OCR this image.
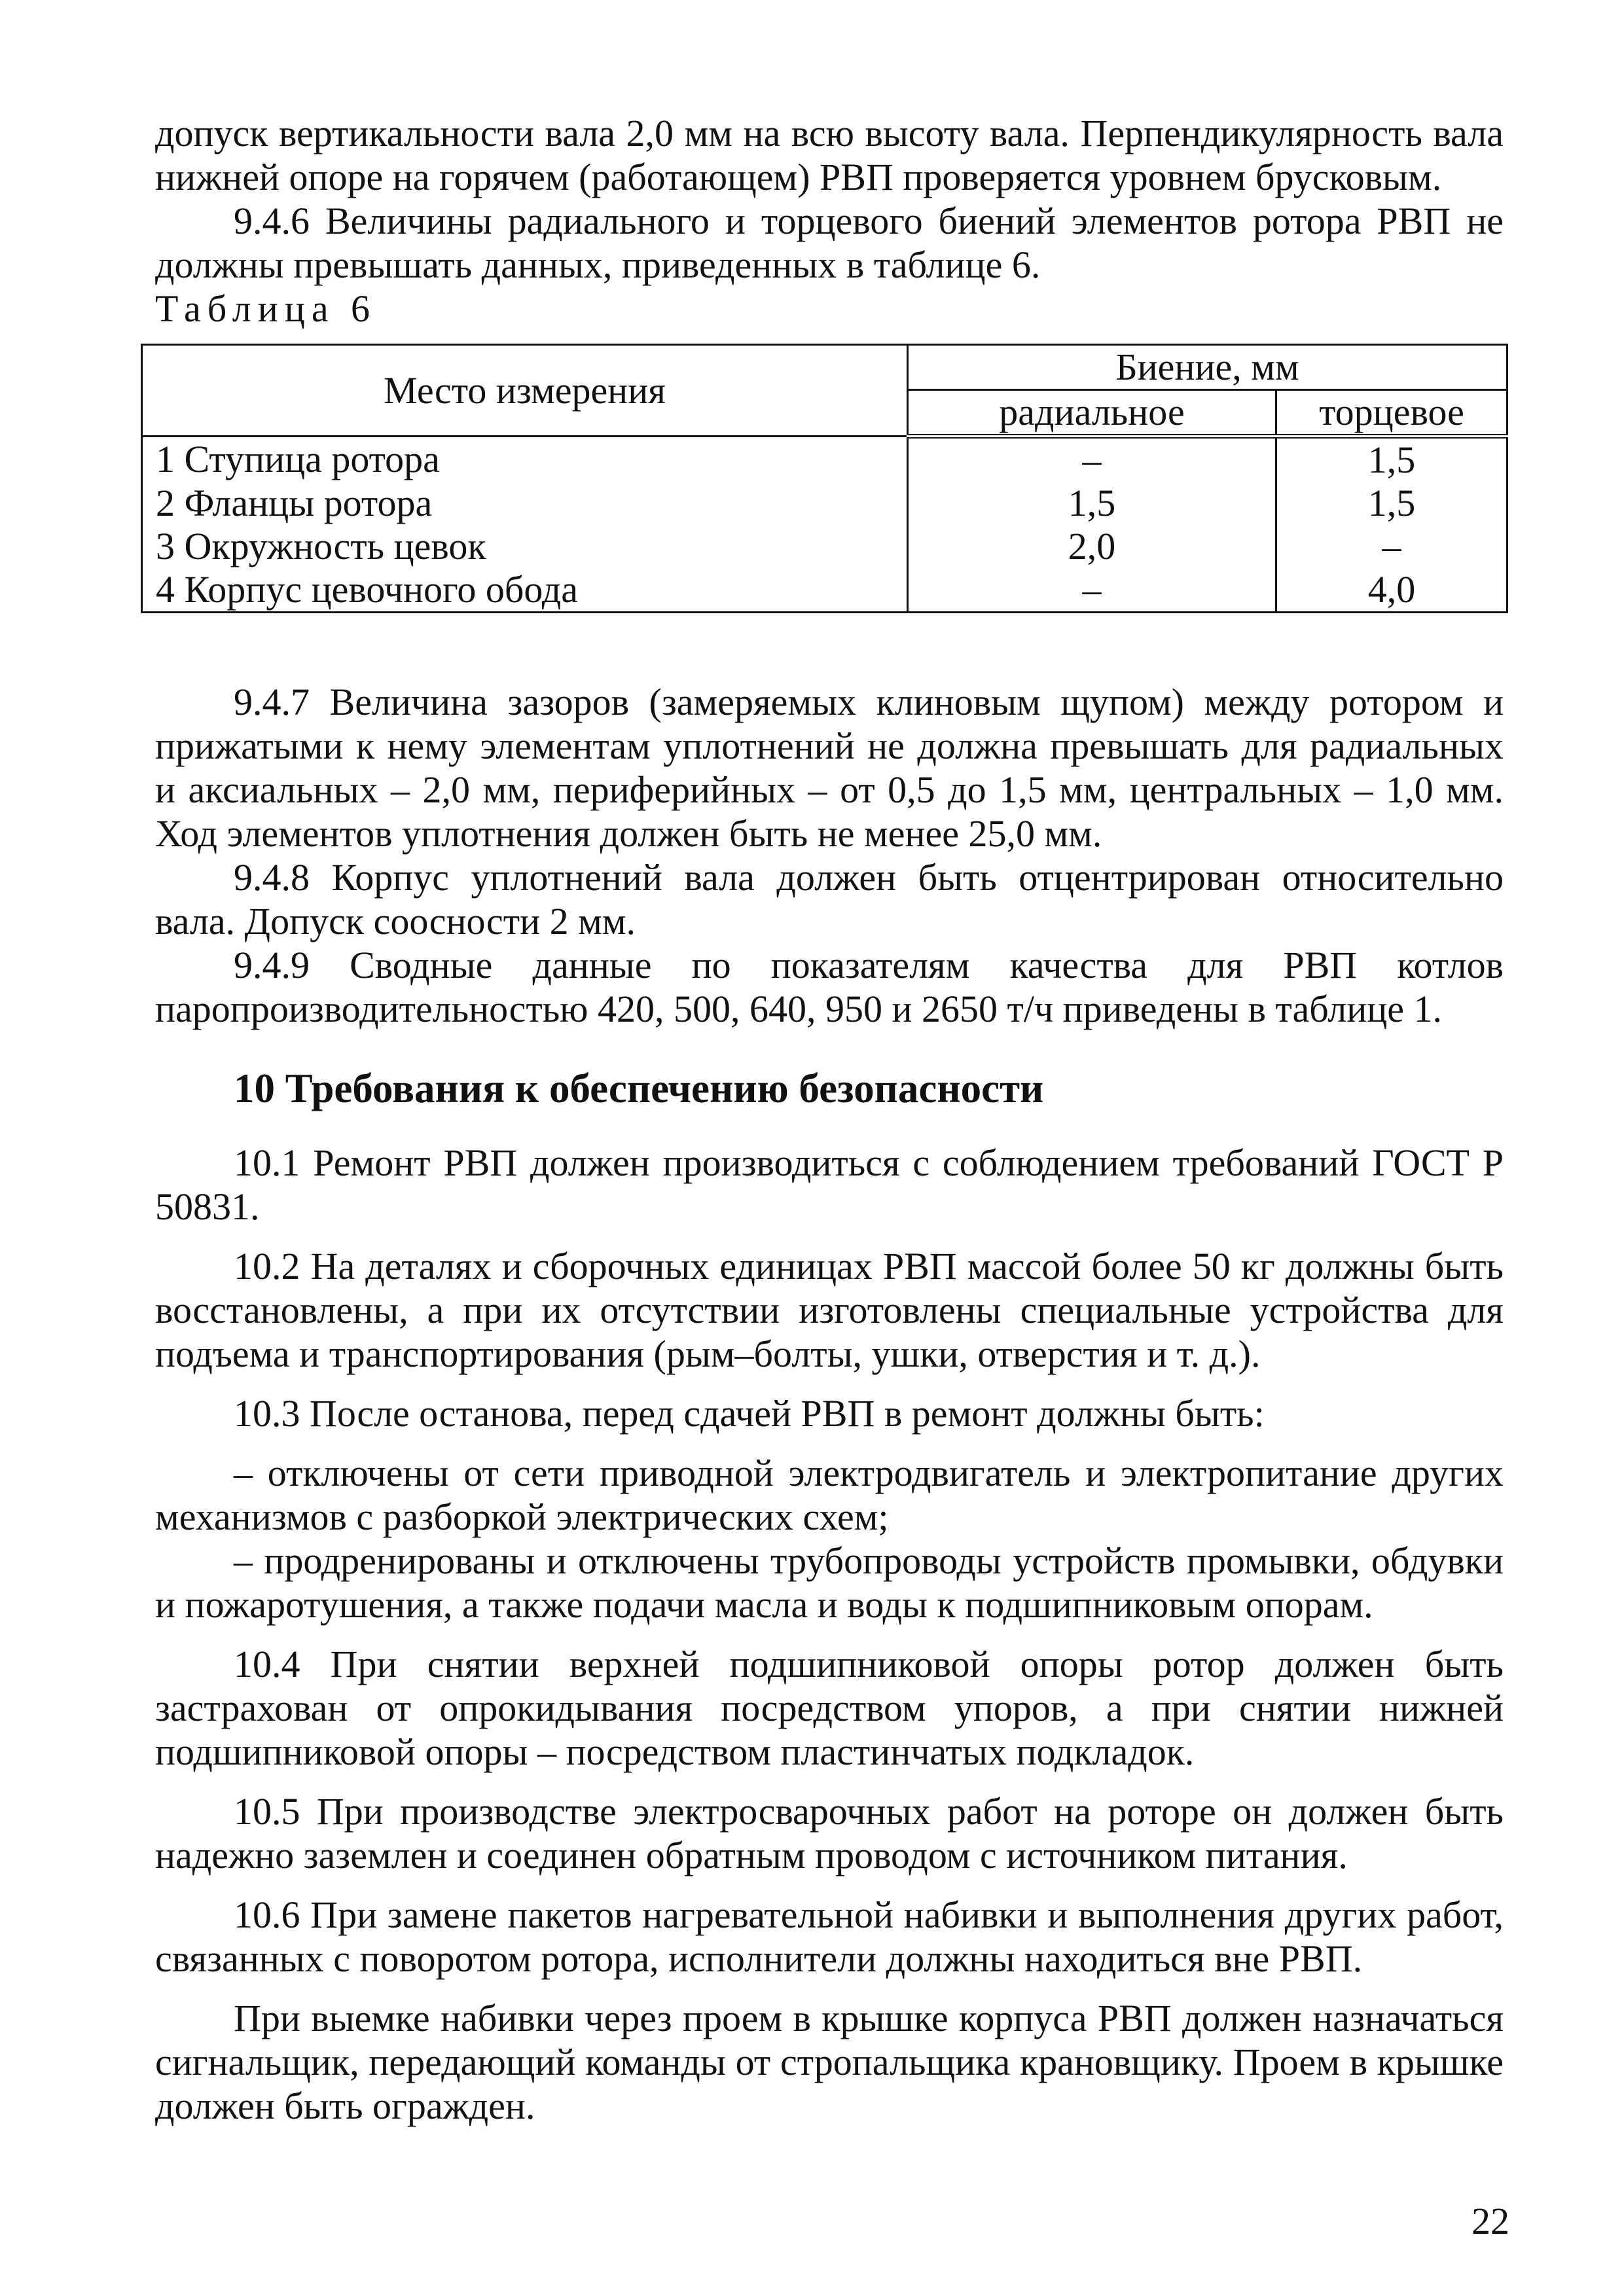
допуск вертикальности вала 2,0 мм на всю высоту вала. Перпендикулярность вала нижней опоре на горячем (работающем) РВП проверяется уровнем брусковым.

9.4.6 Величины радиального и торцевого биений элементов ротора РВП не должны превышать данных, приведенных в таблице 6.

Таблица 6

Место измерения	Биение, мм	
	радиальное	торцевое
1 Ступица ротора	–	1,5
2 Фланцы ротора	1,5	1,5
3 Окружность цевок	2,0	–
4 Корпус цевочного обода	–	4,0

9.4.7 Величина зазоров (замеряемых клиновым щупом) между ротором и прижатыми к нему элементам уплотнений не должна превышать для радиальных и аксиальных – 2,0 мм, периферийных – от 0,5 до 1,5 мм, центральных – 1,0 мм. Ход элементов уплотнения должен быть не менее 25,0 мм.

9.4.8 Корпус уплотнений вала должен быть отцентрирован относительно вала. Допуск соосности 2 мм.

9.4.9 Сводные данные по показателям качества для РВП котлов паропроизводительностью 420, 500, 640, 950 и 2650 т/ч приведены в таблице 1.

10 Требования к обеспечению безопасности

10.1 Ремонт РВП должен производиться с соблюдением требований ГОСТ Р 50831.

10.2 На деталях и сборочных единицах РВП массой более 50 кг должны быть восстановлены, а при их отсутствии изготовлены специальные устройства для подъема и транспортирования (рым–болты, ушки, отверстия и т. д.).

10.3 После останова, перед сдачей РВП в ремонт должны быть:

– отключены от сети приводной электродвигатель и электропитание других механизмов с разборкой электрических схем;

– продренированы и отключены трубопроводы устройств промывки, обдувки и пожаротушения, а также подачи масла и воды к подшипниковым опорам.

10.4 При снятии верхней подшипниковой опоры ротор должен быть застрахован от опрокидывания посредством упоров, а при снятии нижней подшипниковой опоры – посредством пластинчатых подкладок.

10.5 При производстве электросварочных работ на роторе он должен быть надежно заземлен и соединен обратным проводом с источником питания.

10.6 При замене пакетов нагревательной набивки и выполнения других работ, связанных с поворотом ротора, исполнители должны находиться вне РВП.

При выемке набивки через проем в крышке корпуса РВП должен назначаться сигнальщик, передающий команды от стропальщика крановщику. Проем в крышке должен быть огражден.

22
